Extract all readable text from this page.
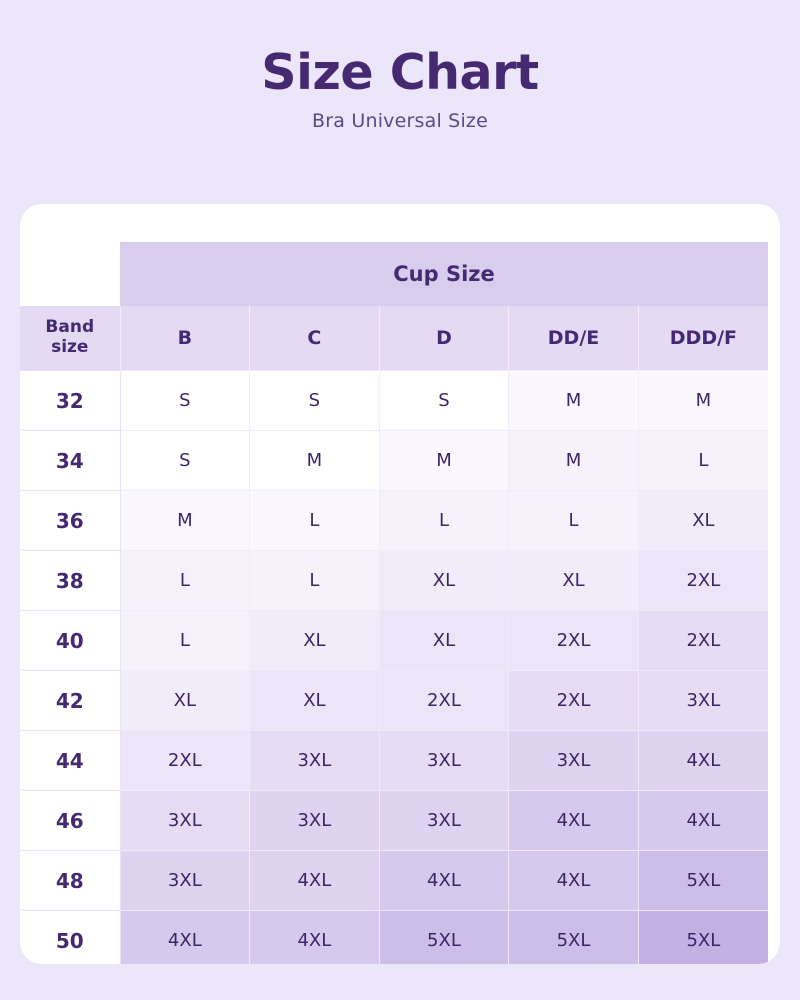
Size Chart
Bra Universal Size
	Cup Size				
Band
size	B	C	D	DD/E	DDD/F
32	S	S	S	M	M
34	S	M	M	M	L
36	M	L	L	L	XL
38	L	L	XL	XL	2XL
40	L	XL	XL	2XL	2XL
42	XL	XL	2XL	2XL	3XL
44	2XL	3XL	3XL	3XL	4XL
46	3XL	3XL	3XL	4XL	4XL
48	3XL	4XL	4XL	4XL	5XL
50	4XL	4XL	5XL	5XL	5XL
